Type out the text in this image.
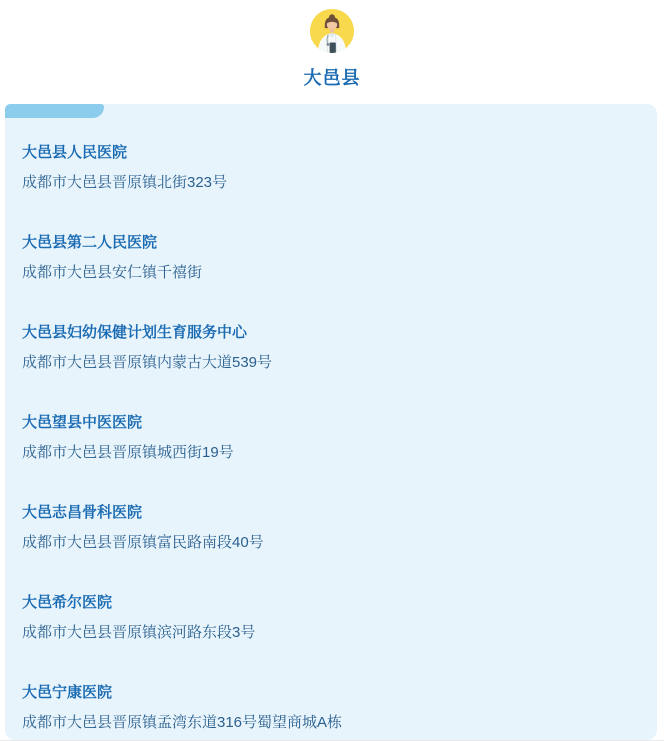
大邑县
大邑县人民医院
成都市大邑县晋原镇北街323号
大邑县第二人民医院
成都市大邑县安仁镇千禧街
大邑县妇幼保健计划生育服务中心
成都市大邑县晋原镇内蒙古大道539号
大邑望县中医医院
成都市大邑县晋原镇城西街19号
大邑志昌骨科医院
成都市大邑县晋原镇富民路南段40号
大邑希尔医院
成都市大邑县晋原镇滨河路东段3号
大邑宁康医院
成都市大邑县晋原镇孟湾东道316号蜀望商城A栋
